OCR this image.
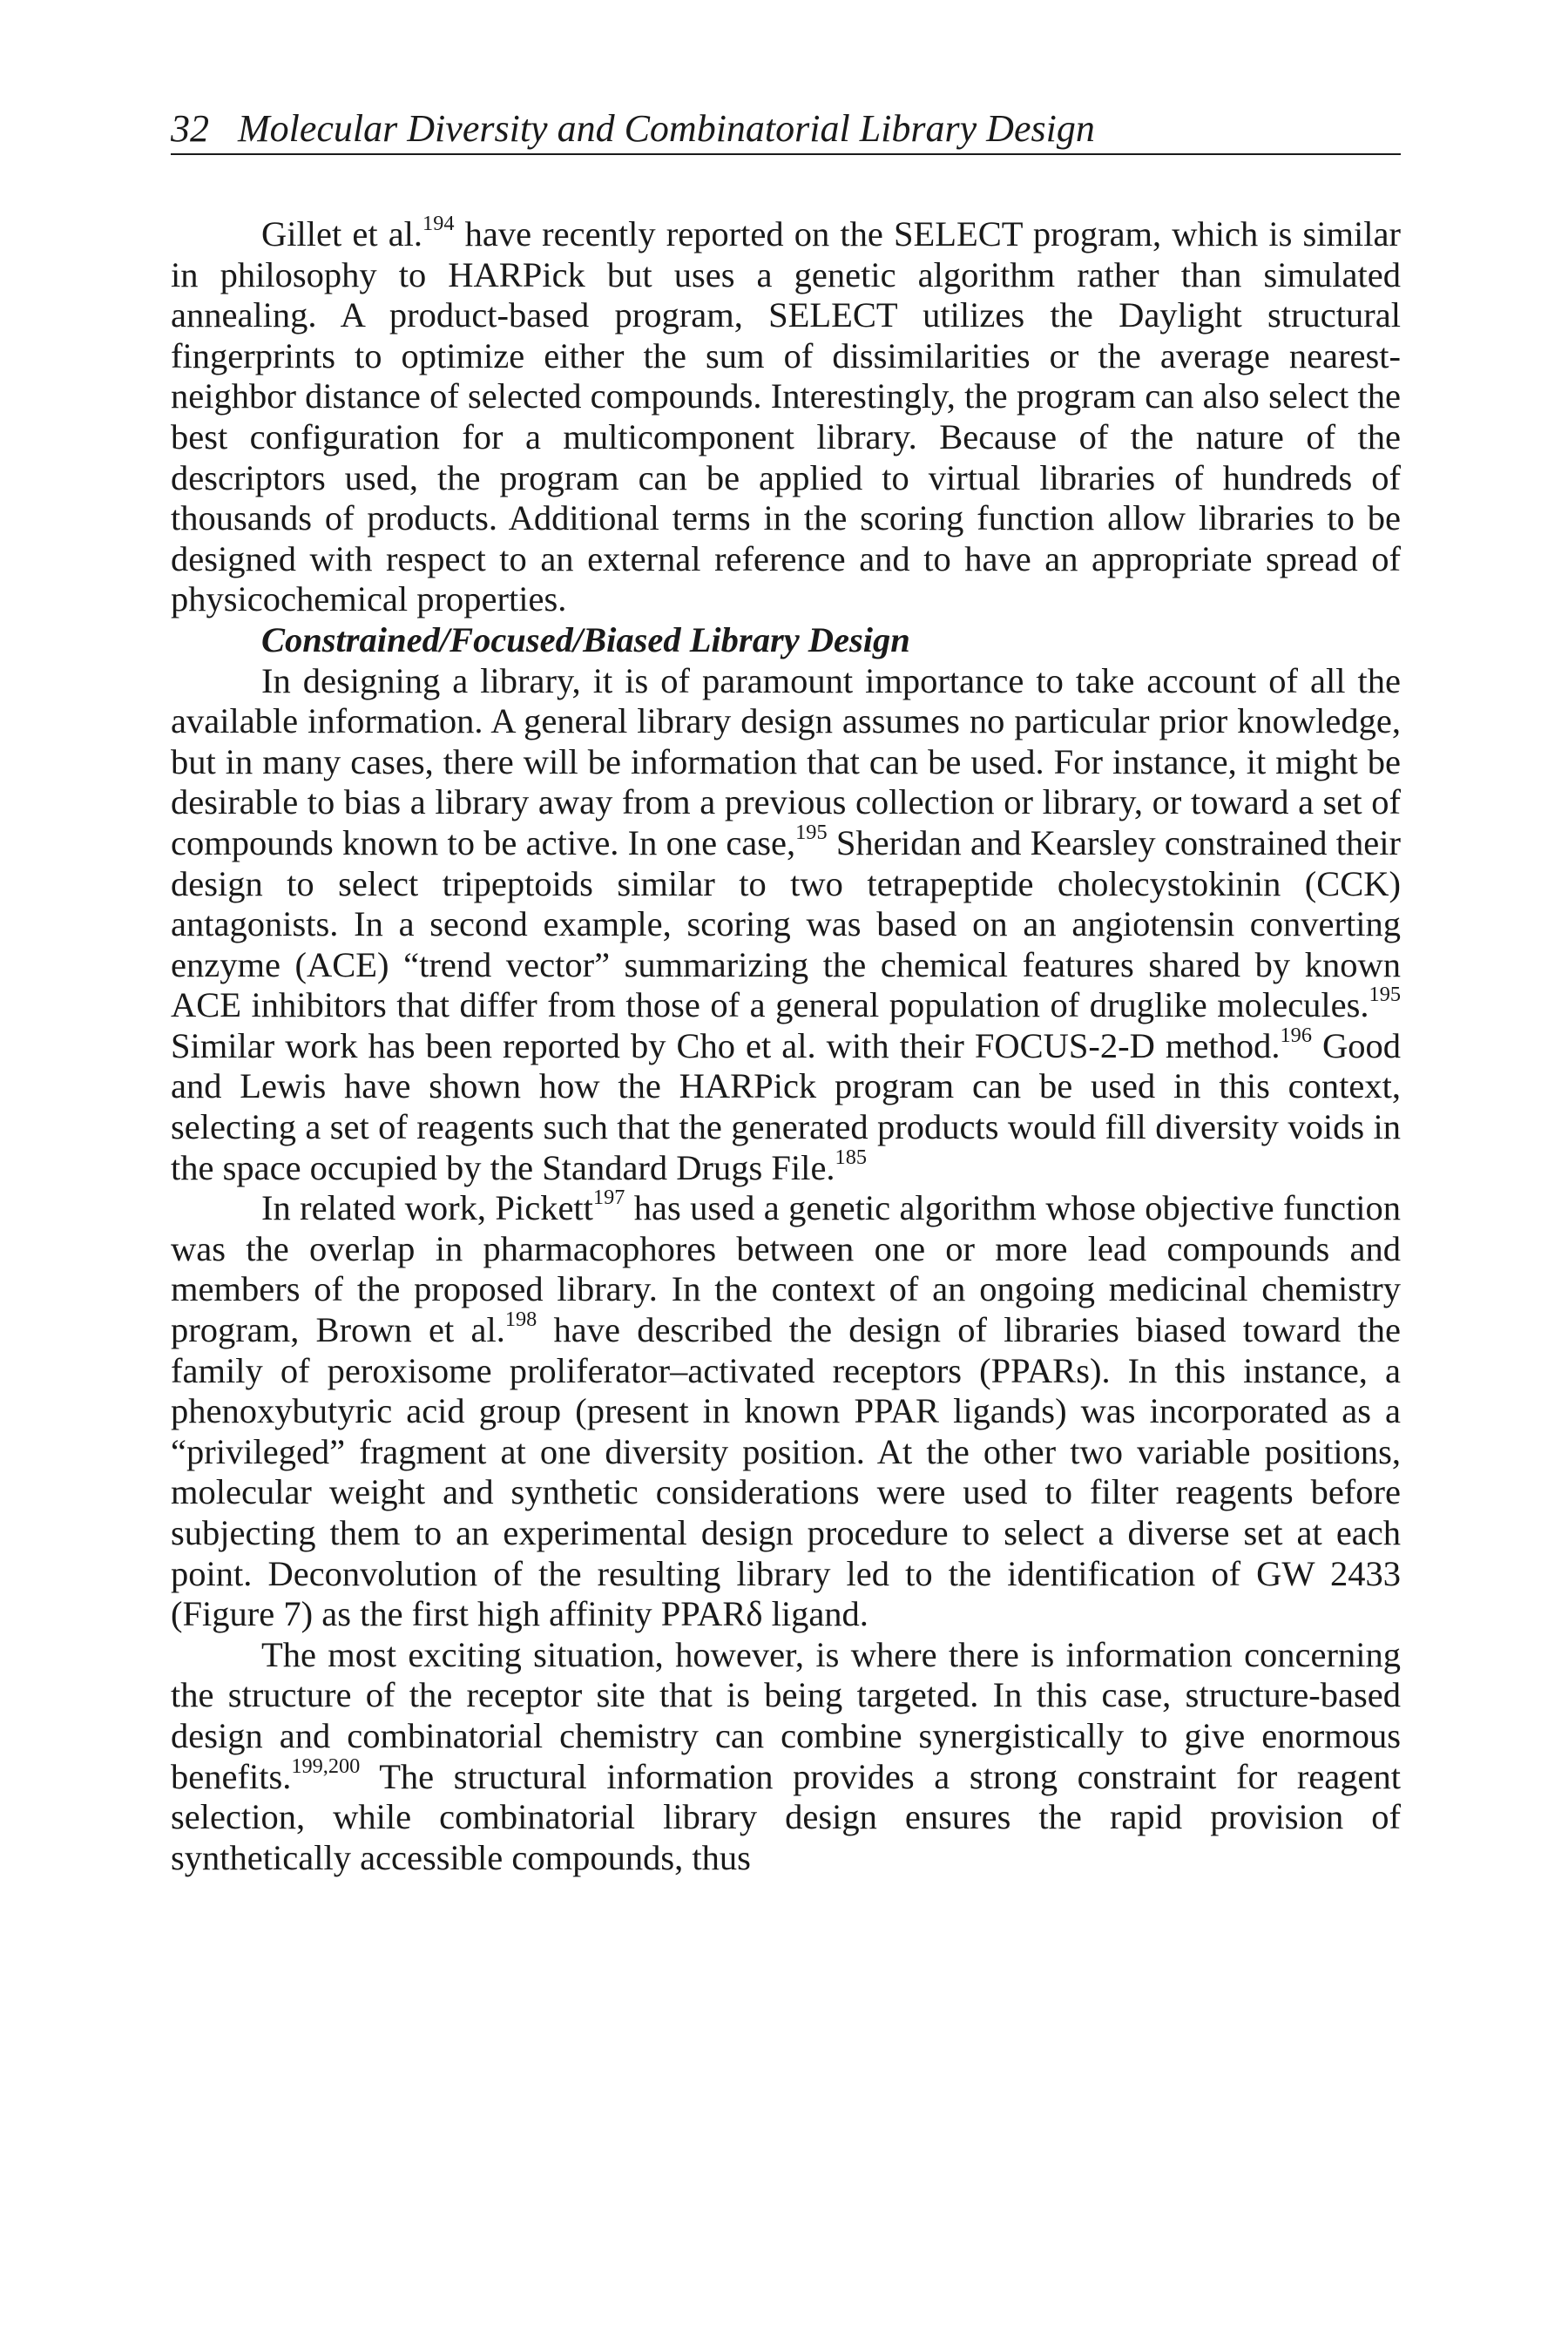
32 Molecular Diversity and Combinatorial Library Design

Gillet et al.$^{194}$ have recently reported on the SELECT program, which is similar in philosophy to HARPick but uses a genetic algorithm rather than simulated annealing. A product-based program, SELECT utilizes the Daylight structural fingerprints to optimize either the sum of dissimilarities or the average nearest-neighbor distance of selected compounds. Interestingly, the program can also select the best configuration for a multicomponent library. Because of the nature of the descriptors used, the program can be applied to virtual libraries of hundreds of thousands of products. Additional terms in the scoring function allow libraries to be designed with respect to an external reference and to have an appropriate spread of physicochemical properties.

Constrained/Focused/Biased Library Design

In designing a library, it is of paramount importance to take account of all the available information. A general library design assumes no particular prior knowledge, but in many cases, there will be information that can be used. For instance, it might be desirable to bias a library away from a previous collection or library, or toward a set of compounds known to be active. In one case,$^{195}$ Sheridan and Kearsley constrained their design to select tripeptoids similar to two tetrapeptide cholecystokinin (CCK) antagonists. In a second example, scoring was based on an angiotensin converting enzyme (ACE) “trend vector” summarizing the chemical features shared by known ACE inhibitors that differ from those of a general population of druglike molecules.$^{195}$ Similar work has been reported by Cho et al. with their FOCUS-2-D method.$^{196}$ Good and Lewis have shown how the HARPick program can be used in this context, selecting a set of reagents such that the generated products would fill diversity voids in the space occupied by the Standard Drugs File.$^{185}$

In related work, Pickett$^{197}$ has used a genetic algorithm whose objective function was the overlap in pharmacophores between one or more lead compounds and members of the proposed library. In the context of an ongoing medicinal chemistry program, Brown et al.$^{198}$ have described the design of libraries biased toward the family of peroxisome proliferator–activated receptors (PPARs). In this instance, a phenoxybutyric acid group (present in known PPAR ligands) was incorporated as a “privileged” fragment at one diversity position. At the other two variable positions, molecular weight and synthetic considerations were used to filter reagents before subjecting them to an experimental design procedure to select a diverse set at each point. Deconvolution of the resulting library led to the identification of GW 2433 (Figure 7) as the first high affinity PPARδ ligand.

The most exciting situation, however, is where there is information concerning the structure of the receptor site that is being targeted. In this case, structure-based design and combinatorial chemistry can combine synergistically to give enormous benefits.$^{199,200}$ The structural information provides a strong constraint for reagent selection, while combinatorial library design ensures the rapid provision of synthetically accessible compounds, thus
